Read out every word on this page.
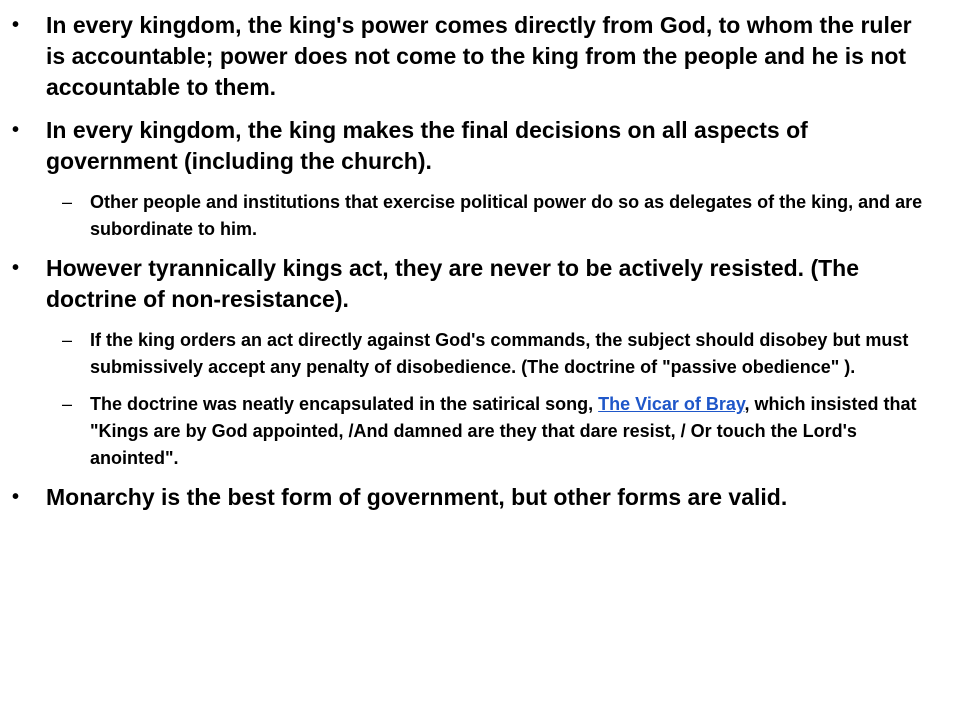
• In every kingdom, the king's power comes directly from God, to whom the ruler is accountable; power does not come to the king from the people and he is not accountable to them.
• In every kingdom, the king makes the final decisions on all aspects of government (including the church).
– Other people and institutions that exercise political power do so as delegates of the king, and are subordinate to him.
• However tyrannically kings act, they are never to be actively resisted. (The doctrine of non-resistance).
– If the king orders an act directly against God's commands, the subject should disobey but must submissively accept any penalty of disobedience. (The doctrine of "passive obedience" ).
– The doctrine was neatly encapsulated in the satirical song, The Vicar of Bray, which insisted that "Kings are by God appointed, /And damned are they that dare resist, / Or touch the Lord's anointed".
• Monarchy is the best form of government, but other forms are valid.
